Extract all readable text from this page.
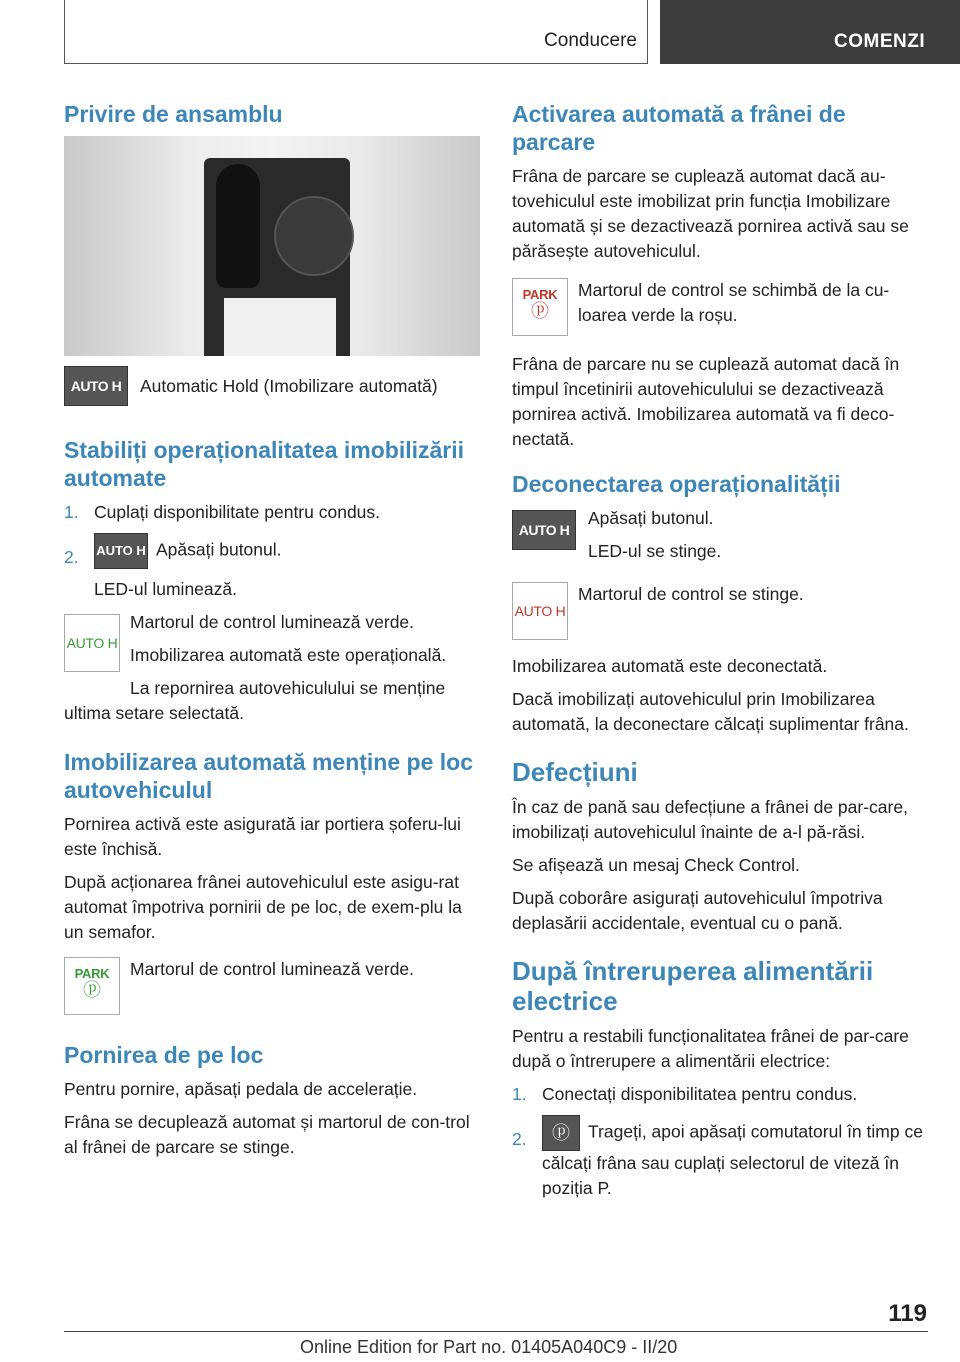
Conducere	COMENZI
Privire de ansamblu
AUTO H	Automatic Hold (Imobilizare automată)

Stabiliți operaționalitatea imobilizării automate
1. Cuplați disponibilitate pentru condus.

2. AUTO H Apăsați butonul.

LED-ul luminează.

AUTO H

Martorul de control luminează verde.

Imobilizarea automată este operațională.

La repornirea autovehiculului se menține ultima setare selectată.

Imobilizarea automată menține pe loc autovehiculul

Pornirea activă este asigurată iar portiera șoferu-lui este închisă.

După acționarea frânei autovehiculul este asigu-rat automat împotriva pornirii de pe loc, de exem-plu la un semafor.

PARK
ⓟ

Martorul de control luminează verde.

Pornirea de pe loc

Pentru pornire, apăsați pedala de accelerație.

Frâna se decuplează automat și martorul de con-trol al frânei de parcare se stinge.

Activarea automată a frânei de parcare

Frâna de parcare se cuplează automat dacă au-tovehiculul este imobilizat prin funcția Imobilizare automată și se dezactivează pornirea activă sau se părăsește autovehiculul.

PARK
ⓟ

Martorul de control se schimbă de la cu-loarea verde la roșu.

Frâna de parcare nu se cuplează automat dacă în timpul încetinirii autovehiculului se dezactivează pornirea activă. Imobilizarea automată va fi deco-nectată.

Deconectarea operaționalității
AUTO H

Apăsați butonul.

LED-ul se stinge.

AUTO H

Martorul de control se stinge.

Imobilizarea automată este deconectată.

Dacă imobilizați autovehiculul prin Imobilizarea automată, la deconectare călcați suplimentar frâna.

Defecțiuni

În caz de pană sau defecțiune a frânei de par-care, imobilizați autovehiculul înainte de a-l pă-răsi.

Se afișează un mesaj Check Control.

După coborâre asigurați autovehiculul împotriva deplasării accidentale, eventual cu o pană.

După întreruperea alimentării electrice

Pentru a restabili funcționalitatea frânei de par-care după o întrerupere a alimentării electrice:

1. Conectați disponibilitatea pentru condus.

2.	ⓟ Trageți, apoi apăsați comutatorul în timp ce călcați frâna sau cuplați selectorul de viteză în poziția P.

119
Online Edition for Part no. 01405A040C9 - II/20
